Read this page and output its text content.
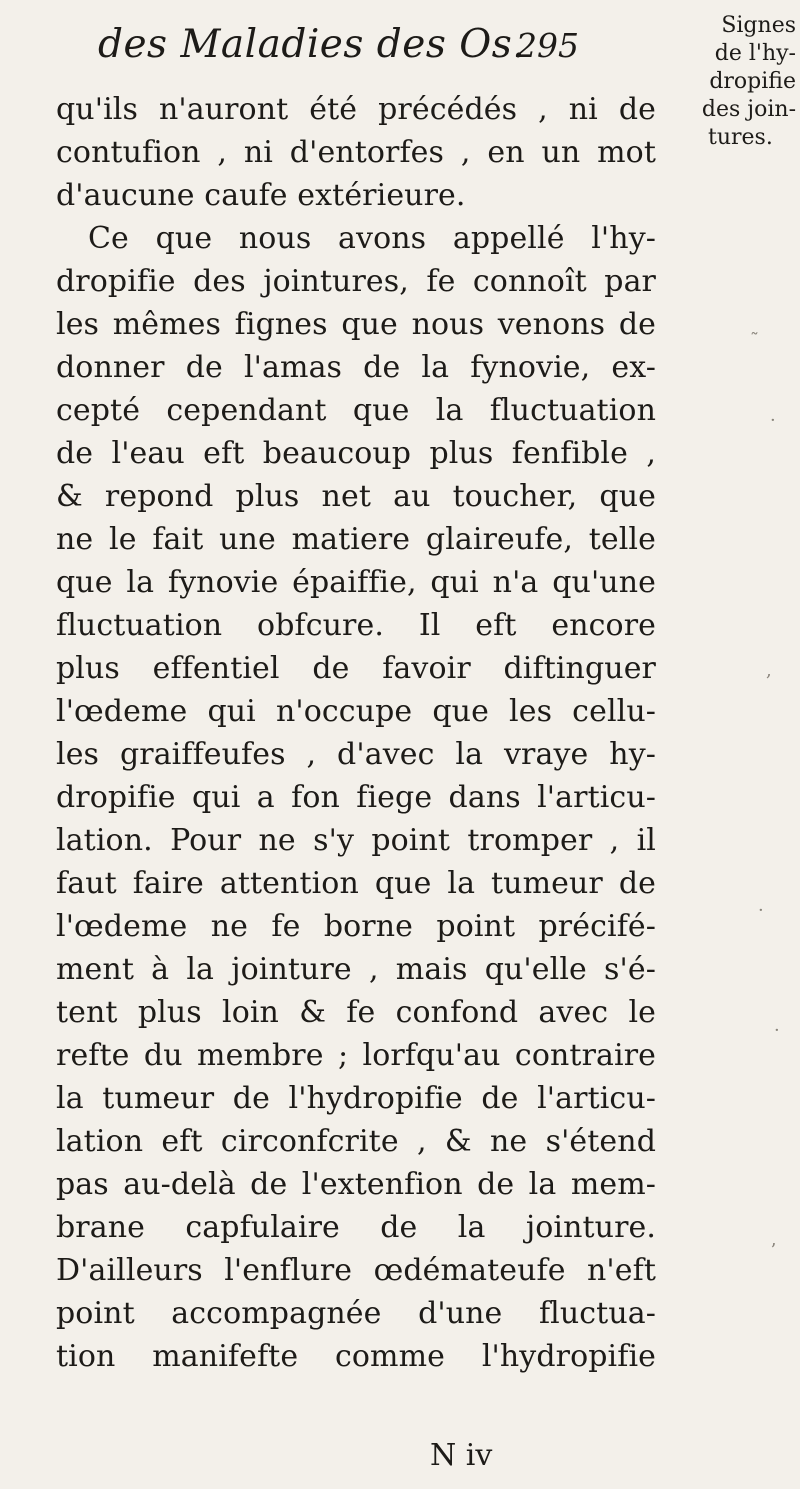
des Maladies des Os.
295
Signes
de l'hy-
dropifie
des join-
tures.
qu'ils n'auront été précédés , ni de
contufion , ni d'entorfes , en un mot
d'aucune caufe extérieure.
Ce que nous avons appellé l'hy-
dropifie des jointures, fe connoît par
les mêmes fignes que nous venons de
donner de l'amas de la fynovie, ex-
cepté cependant que la fluctuation
de l'eau eft beaucoup plus fenfible ,
& repond plus net au toucher, que
ne le fait une matiere glaireufe, telle
que la fynovie épaiffie, qui n'a qu'une
fluctuation obfcure. Il eft encore
plus effentiel de favoir diftinguer
l'œdeme qui n'occupe que les cellu-
les graiffeufes , d'avec la vraye hy-
dropifie qui a fon fiege dans l'articu-
lation. Pour ne s'y point tromper , il
faut faire attention que la tumeur de
l'œdeme ne fe borne point précifé-
ment à la jointure , mais qu'elle s'é-
tent plus loin & fe confond avec le
refte du membre ; lorfqu'au contraire
la tumeur de l'hydropifie de l'articu-
lation eft circonfcrite , & ne s'étend
pas au-delà de l'extenfion de la mem-
brane capfulaire de la jointure.
D'ailleurs l'enflure œdémateufe n'eft
point accompagnée d'une fluctua-
tion manifefte comme l'hydropifie
˜
·
,
·
·
ʼ
N iv
